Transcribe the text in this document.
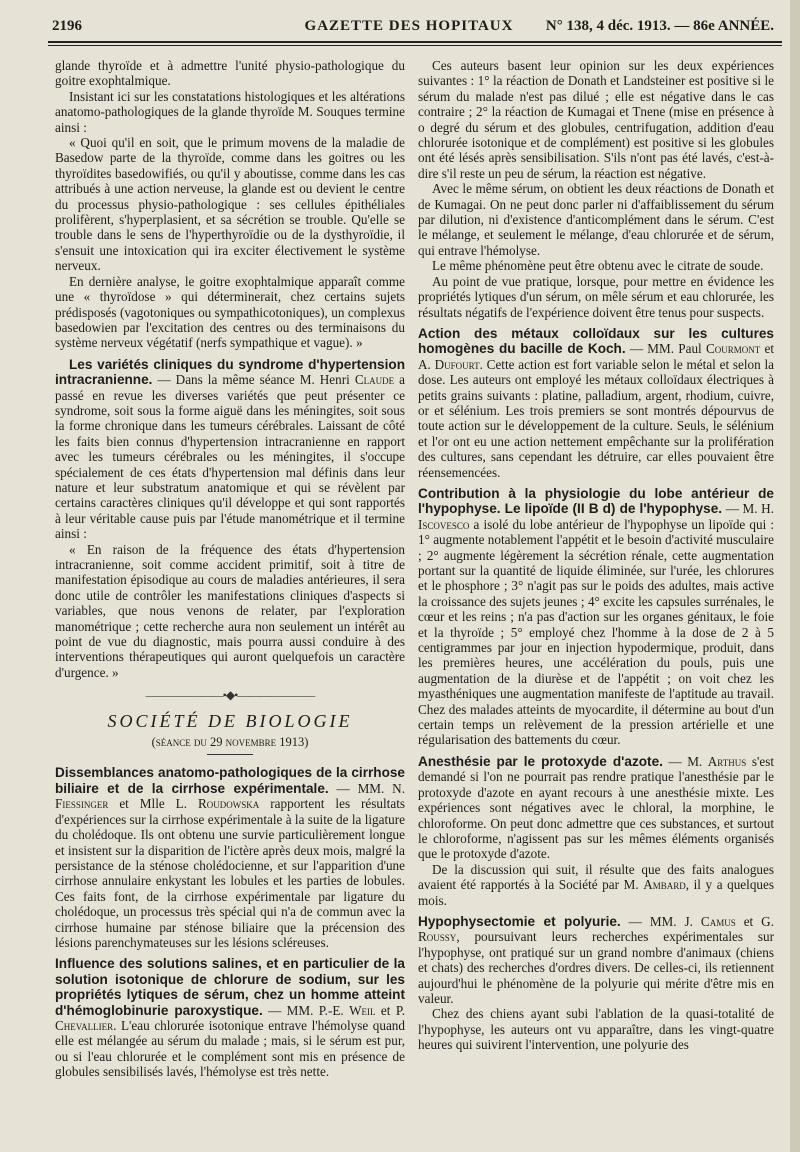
2196	GAZETTE DES HOPITAUX	N° 138, 4 déc. 1913. — 86e ANNÉE.

glande thyroïde et à admettre l'unité physio-pathologique du goitre exophtalmique.

Insistant ici sur les constatations histologiques et les altérations anatomo-pathologiques de la glande thyroïde M. Souques termine ainsi :

« Quoi qu'il en soit, que le primum movens de la maladie de Basedow parte de la thyroïde, comme dans les goitres ou les thyroïdites basedowifiés, ou qu'il y aboutisse, comme dans les cas attribués à une action nerveuse, la glande est ou devient le centre du processus physio-pathologique : ses cellules épithéliales prolifèrent, s'hyperplasient, et sa sécrétion se trouble. Qu'elle se trouble dans le sens de l'hyperthyroïdie ou de la dysthyroïdie, il s'ensuit une intoxication qui ira exciter électivement le système nerveux.

En dernière analyse, le goitre exophtalmique apparaît comme une « thyroïdose » qui déterminerait, chez certains sujets prédisposés (vagotoniques ou sympathicotoniques), un complexus basedowien par l'excitation des centres ou des terminaisons du système nerveux végétatif (nerfs sympathique et vague). »

Les variétés cliniques du syndrome d'hypertension intracranienne. — Dans la même séance M. Henri Claude a passé en revue les diverses variétés que peut présenter ce syndrome, soit sous la forme aiguë dans les méningites, soit sous la forme chronique dans les tumeurs cérébrales. Laissant de côté les faits bien connus d'hypertension intracranienne en rapport avec les tumeurs cérébrales ou les méningites, il s'occupe spécialement de ces états d'hypertension mal définis dans leur nature et leur substratum anatomique et qui se révèlent par certains caractères cliniques qu'il développe et qui sont rapportés à leur véritable cause puis par l'étude manométrique et il termine ainsi :

« En raison de la fréquence des états d'hypertension intracranienne, soit comme accident primitif, soit à titre de manifestation épisodique au cours de maladies antérieures, il sera donc utile de contrôler les manifestations cliniques d'aspects si variables, que nous venons de relater, par l'exploration manométrique ; cette recherche aura non seulement un intérêt au point de vue du diagnostic, mais pourra aussi conduire à des interventions thérapeutiques qui auront quelquefois un caractère d'urgence. »

———————•◆•———————
SOCIÉTÉ DE BIOLOGIE
(séance du 29 novembre 1913)

Dissemblances anatomo-pathologiques de la cirrhose biliaire et de la cirrhose expérimentale. — MM. N. Fiessinger et Mlle L. Roudowska rapportent les résultats d'expériences sur la cirrhose expérimentale à la suite de la ligature du cholédoque. Ils ont obtenu une survie particulièrement longue et insistent sur la disparition de l'ictère après deux mois, malgré la persistance de la sténose cholédocienne, et sur l'apparition d'une cirrhose annulaire enkystant les lobules et les parties de lobules. Ces faits font, de la cirrhose expérimentale par ligature du cholédoque, un processus très spécial qui n'a de commun avec la cirrhose humaine par sténose biliaire que la précension des lésions parenchymateuses sur les lésions scléreuses.

Influence des solutions salines, et en particulier de la solution isotonique de chlorure de sodium, sur les propriétés lytiques de sérum, chez un homme atteint d'hémoglobinurie paroxystique. — MM. P.-E. Weil et P. Chevallier. L'eau chlorurée isotonique entrave l'hémolyse quand elle est mélangée au sérum du malade ; mais, si le sérum est pur, ou si l'eau chlorurée et le complément sont mis en présence de globules sensibilisés lavés, l'hémolyse est très nette.

Ces auteurs basent leur opinion sur les deux expériences suivantes : 1° la réaction de Donath et Landsteiner est positive si le sérum du malade n'est pas dilué ; elle est négative dans le cas contraire ; 2° la réaction de Kumagai et Tnene (mise en présence à o degré du sérum et des globules, centrifugation, addition d'eau chlorurée isotonique et de complément) est positive si les globules ont été lésés après sensibilisation. S'ils n'ont pas été lavés, c'est-à-dire s'il reste un peu de sérum, la réaction est négative.

Avec le même sérum, on obtient les deux réactions de Donath et de Kumagai. On ne peut donc parler ni d'affaiblissement du sérum par dilution, ni d'existence d'anticomplément dans le sérum. C'est le mélange, et seulement le mélange, d'eau chlorurée et de sérum, qui entrave l'hémolyse.

Le même phénomène peut être obtenu avec le citrate de soude.

Au point de vue pratique, lorsque, pour mettre en évidence les propriétés lytiques d'un sérum, on mêle sérum et eau chlorurée, les résultats négatifs de l'expérience doivent être tenus pour suspects.

Action des métaux colloïdaux sur les cultures homogènes du bacille de Koch. — MM. Paul Courmont et A. Dufourt. Cette action est fort variable selon le métal et selon la dose. Les auteurs ont employé les métaux colloïdaux électriques à petits grains suivants : platine, palladium, argent, rhodium, cuivre, or et sélénium. Les trois premiers se sont montrés dépourvus de toute action sur le développement de la culture. Seuls, le sélénium et l'or ont eu une action nettement empêchante sur la prolifération des cultures, sans cependant les détruire, car elles pouvaient être réensemencées.

Contribution à la physiologie du lobe antérieur de l'hypophyse. Le lipoïde (II B d) de l'hypophyse. — M. H. Iscovesco a isolé du lobe antérieur de l'hypophyse un lipoïde qui : 1° augmente notablement l'appétit et le besoin d'activité musculaire ; 2° augmente légèrement la sécrétion rénale, cette augmentation portant sur la quantité de liquide éliminée, sur l'urée, les chlorures et le phosphore ; 3° n'agit pas sur le poids des adultes, mais active la croissance des sujets jeunes ; 4° excite les capsules surrénales, le cœur et les reins ; n'a pas d'action sur les organes génitaux, le foie et la thyroïde ; 5° employé chez l'homme à la dose de 2 à 5 centigrammes par jour en injection hypodermique, produit, dans les premières heures, une accélération du pouls, puis une augmentation de la diurèse et de l'appétit ; on voit chez les myasthéniques une augmentation manifeste de l'aptitude au travail. Chez des malades atteints de myocardite, il détermine au bout d'un certain temps un relèvement de la pression artérielle et une régularisation des battements du cœur.

Anesthésie par le protoxyde d'azote. — M. Arthus s'est demandé si l'on ne pourrait pas rendre pratique l'anesthésie par le protoxyde d'azote en ayant recours à une anesthésie mixte. Les expériences sont négatives avec le chloral, la morphine, le chloroforme. On peut donc admettre que ces substances, et surtout le chloroforme, n'agissent pas sur les mêmes éléments organisés que le protoxyde d'azote.

De la discussion qui suit, il résulte que des faits analogues avaient été rapportés à la Société par M. Ambard, il y a quelques mois.

Hypophysectomie et polyurie. — MM. J. Camus et G. Roussy, poursuivant leurs recherches expérimentales sur l'hypophyse, ont pratiqué sur un grand nombre d'animaux (chiens et chats) des recherches d'ordres divers. De celles-ci, ils retiennent aujourd'hui le phénomène de la polyurie qui mérite d'être mis en valeur.

Chez des chiens ayant subi l'ablation de la quasi-totalité de l'hypophyse, les auteurs ont vu apparaître, dans les vingt-quatre heures qui suivirent l'intervention, une polyurie des
